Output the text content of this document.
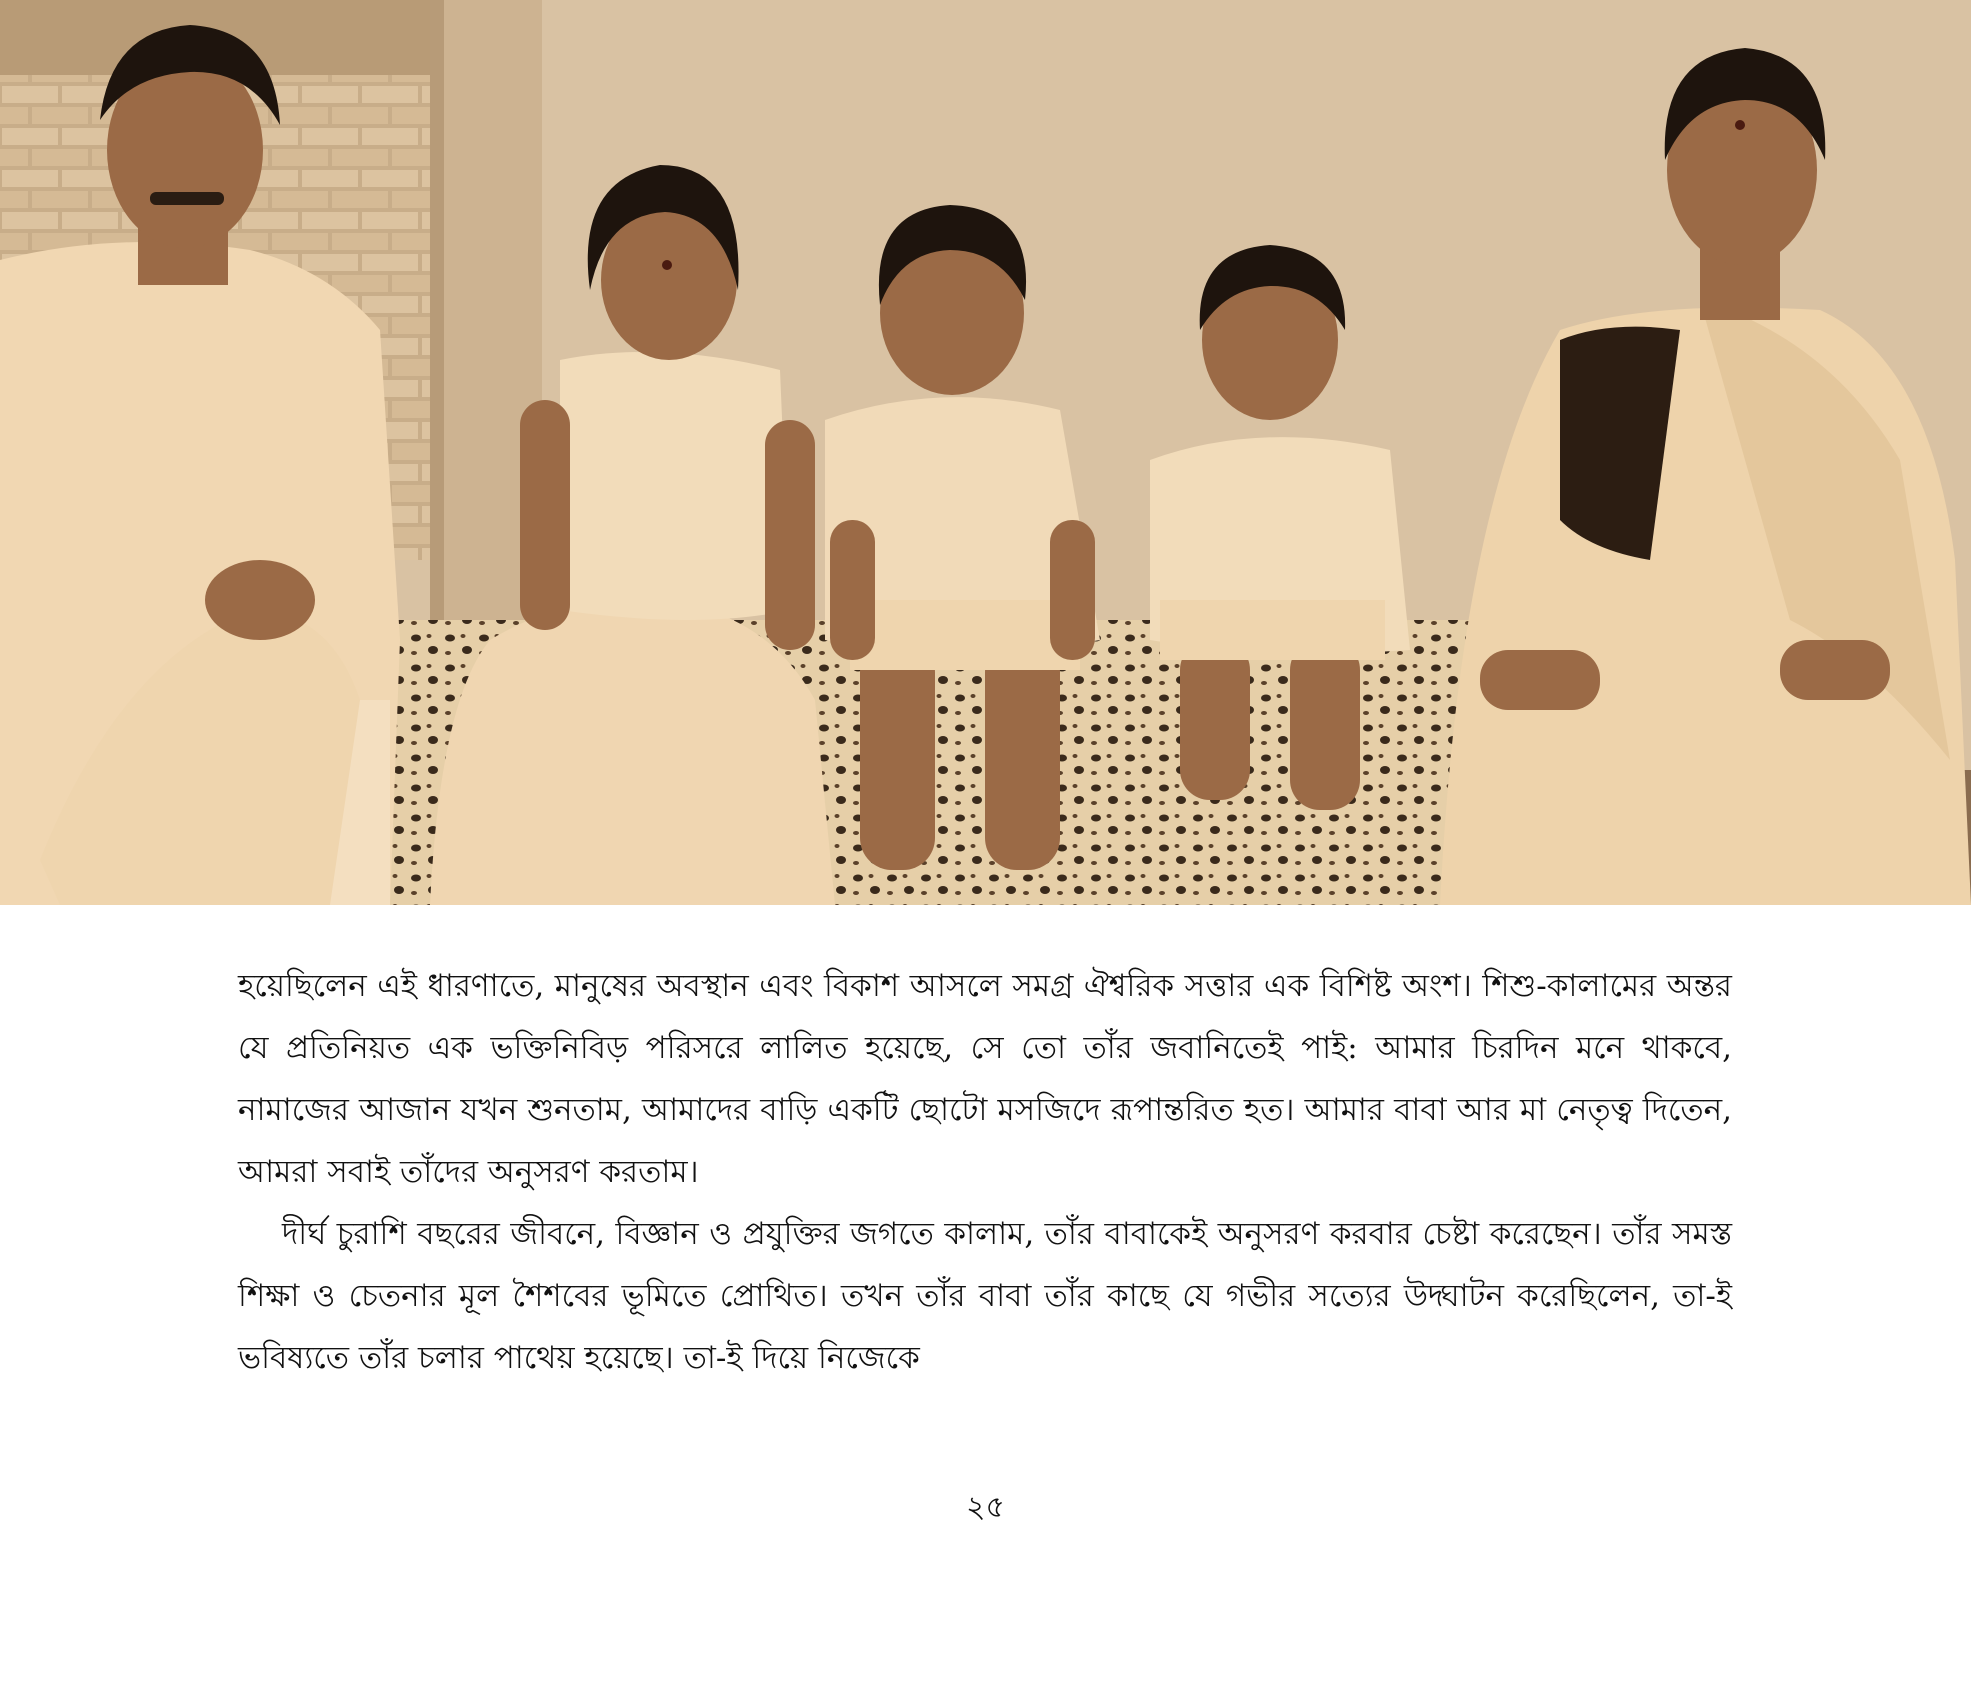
হয়েছিলেন এই ধারণাতে, মানুষের অবস্থান এবং বিকাশ আসলে সমগ্র ঐশ্বরিক সত্তার এক বিশিষ্ট অংশ। শিশু-কালামের অন্তর যে প্রতিনিয়ত এক ভক্তিনিবিড় পরিসরে লালিত হয়েছে, সে তো তাঁর জবানিতেই পাই: আমার চিরদিন মনে থাকবে, নামাজের আজান যখন শুনতাম, আমাদের বাড়ি একটি ছোটো মসজিদে রূপান্তরিত হত। আমার বাবা আর মা নেতৃত্ব দিতেন, আমরা সবাই তাঁদের অনুসরণ করতাম।

দীর্ঘ চুরাশি বছরের জীবনে, বিজ্ঞান ও প্রযুক্তির জগতে কালাম, তাঁর বাবাকেই অনুসরণ করবার চেষ্টা করেছেন। তাঁর সমস্ত শিক্ষা ও চেতনার মূল শৈশবের ভূমিতে প্রোথিত। তখন তাঁর বাবা তাঁর কাছে যে গভীর সত্যের উদ্ঘাটন করেছিলেন, তা-ই ভবিষ্যতে তাঁর চলার পাথেয় হয়েছে। তা-ই দিয়ে নিজেকে

২৫
